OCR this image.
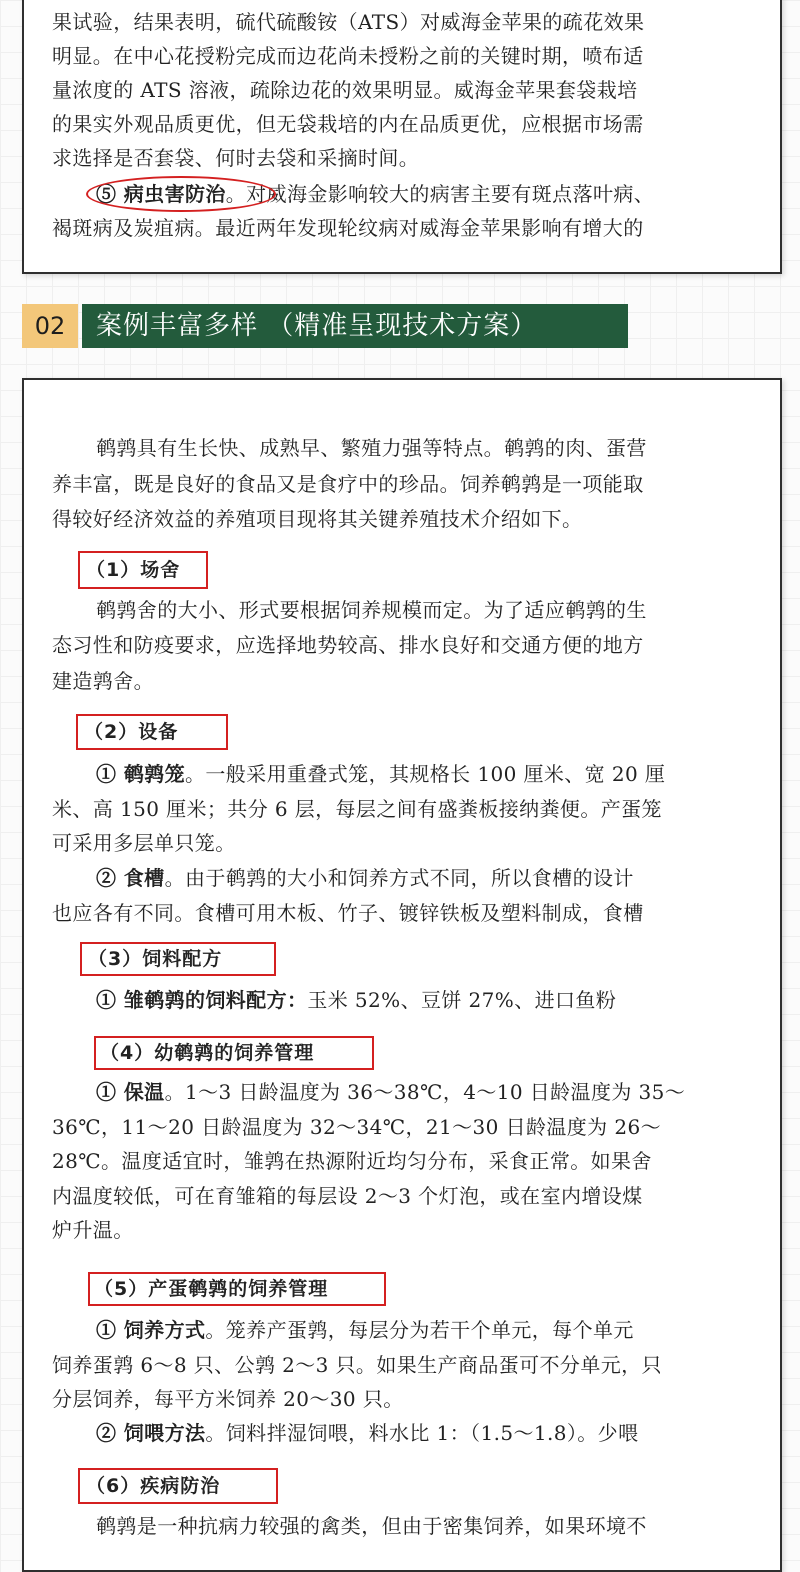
果试验，结果表明，硫代硫酸铵（ATS）对威海金苹果的疏花效果
明显。在中心花授粉完成而边花尚未授粉之前的关键时期，喷布适
量浓度的 ATS 溶液，疏除边花的效果明显。威海金苹果套袋栽培
的果实外观品质更优，但无袋栽培的内在品质更优，应根据市场需
求选择是否套袋、何时去袋和采摘时间。
⑤ 病虫害防治。对威海金影响较大的病害主要有斑点落叶病、
褐斑病及炭疽病。最近两年发现轮纹病对威海金苹果影响有增大的
02	案例丰富多样 （精准呈现技术方案）
鹌鹑具有生长快、成熟早、繁殖力强等特点。鹌鹑的肉、蛋营
养丰富，既是良好的食品又是食疗中的珍品。饲养鹌鹑是一项能取
得较好经济效益的养殖项目现将其关键养殖技术介绍如下。
（1）场舍
鹌鹑舍的大小、形式要根据饲养规模而定。为了适应鹌鹑的生
态习性和防疫要求，应选择地势较高、排水良好和交通方便的地方
建造鹑舍。
（2）设备
① 鹌鹑笼。一般采用重叠式笼，其规格长 100 厘米、宽 20 厘
米、高 150 厘米；共分 6 层，每层之间有盛粪板接纳粪便。产蛋笼
可采用多层单只笼。
② 食槽。由于鹌鹑的大小和饲养方式不同，所以食槽的设计
也应各有不同。食槽可用木板、竹子、镀锌铁板及塑料制成，食槽
（3）饲料配方
① 雏鹌鹑的饲料配方：玉米 52%、豆饼 27%、进口鱼粉
（4）幼鹌鹑的饲养管理
① 保温。1～3 日龄温度为 36～38℃，4～10 日龄温度为 35～
36℃，11～20 日龄温度为 32～34℃，21～30 日龄温度为 26～
28℃。温度适宜时，雏鹑在热源附近均匀分布，采食正常。如果舍
内温度较低，可在育雏箱的每层设 2～3 个灯泡，或在室内增设煤
炉升温。
（5）产蛋鹌鹑的饲养管理
① 饲养方式。笼养产蛋鹑，每层分为若干个单元，每个单元
饲养蛋鹑 6～8 只、公鹑 2～3 只。如果生产商品蛋可不分单元，只
分层饲养，每平方米饲养 20～30 只。
② 饲喂方法。饲料拌湿饲喂，料水比 1：（1.5～1.8）。少喂
（6）疾病防治
鹌鹑是一种抗病力较强的禽类，但由于密集饲养，如果环境不
